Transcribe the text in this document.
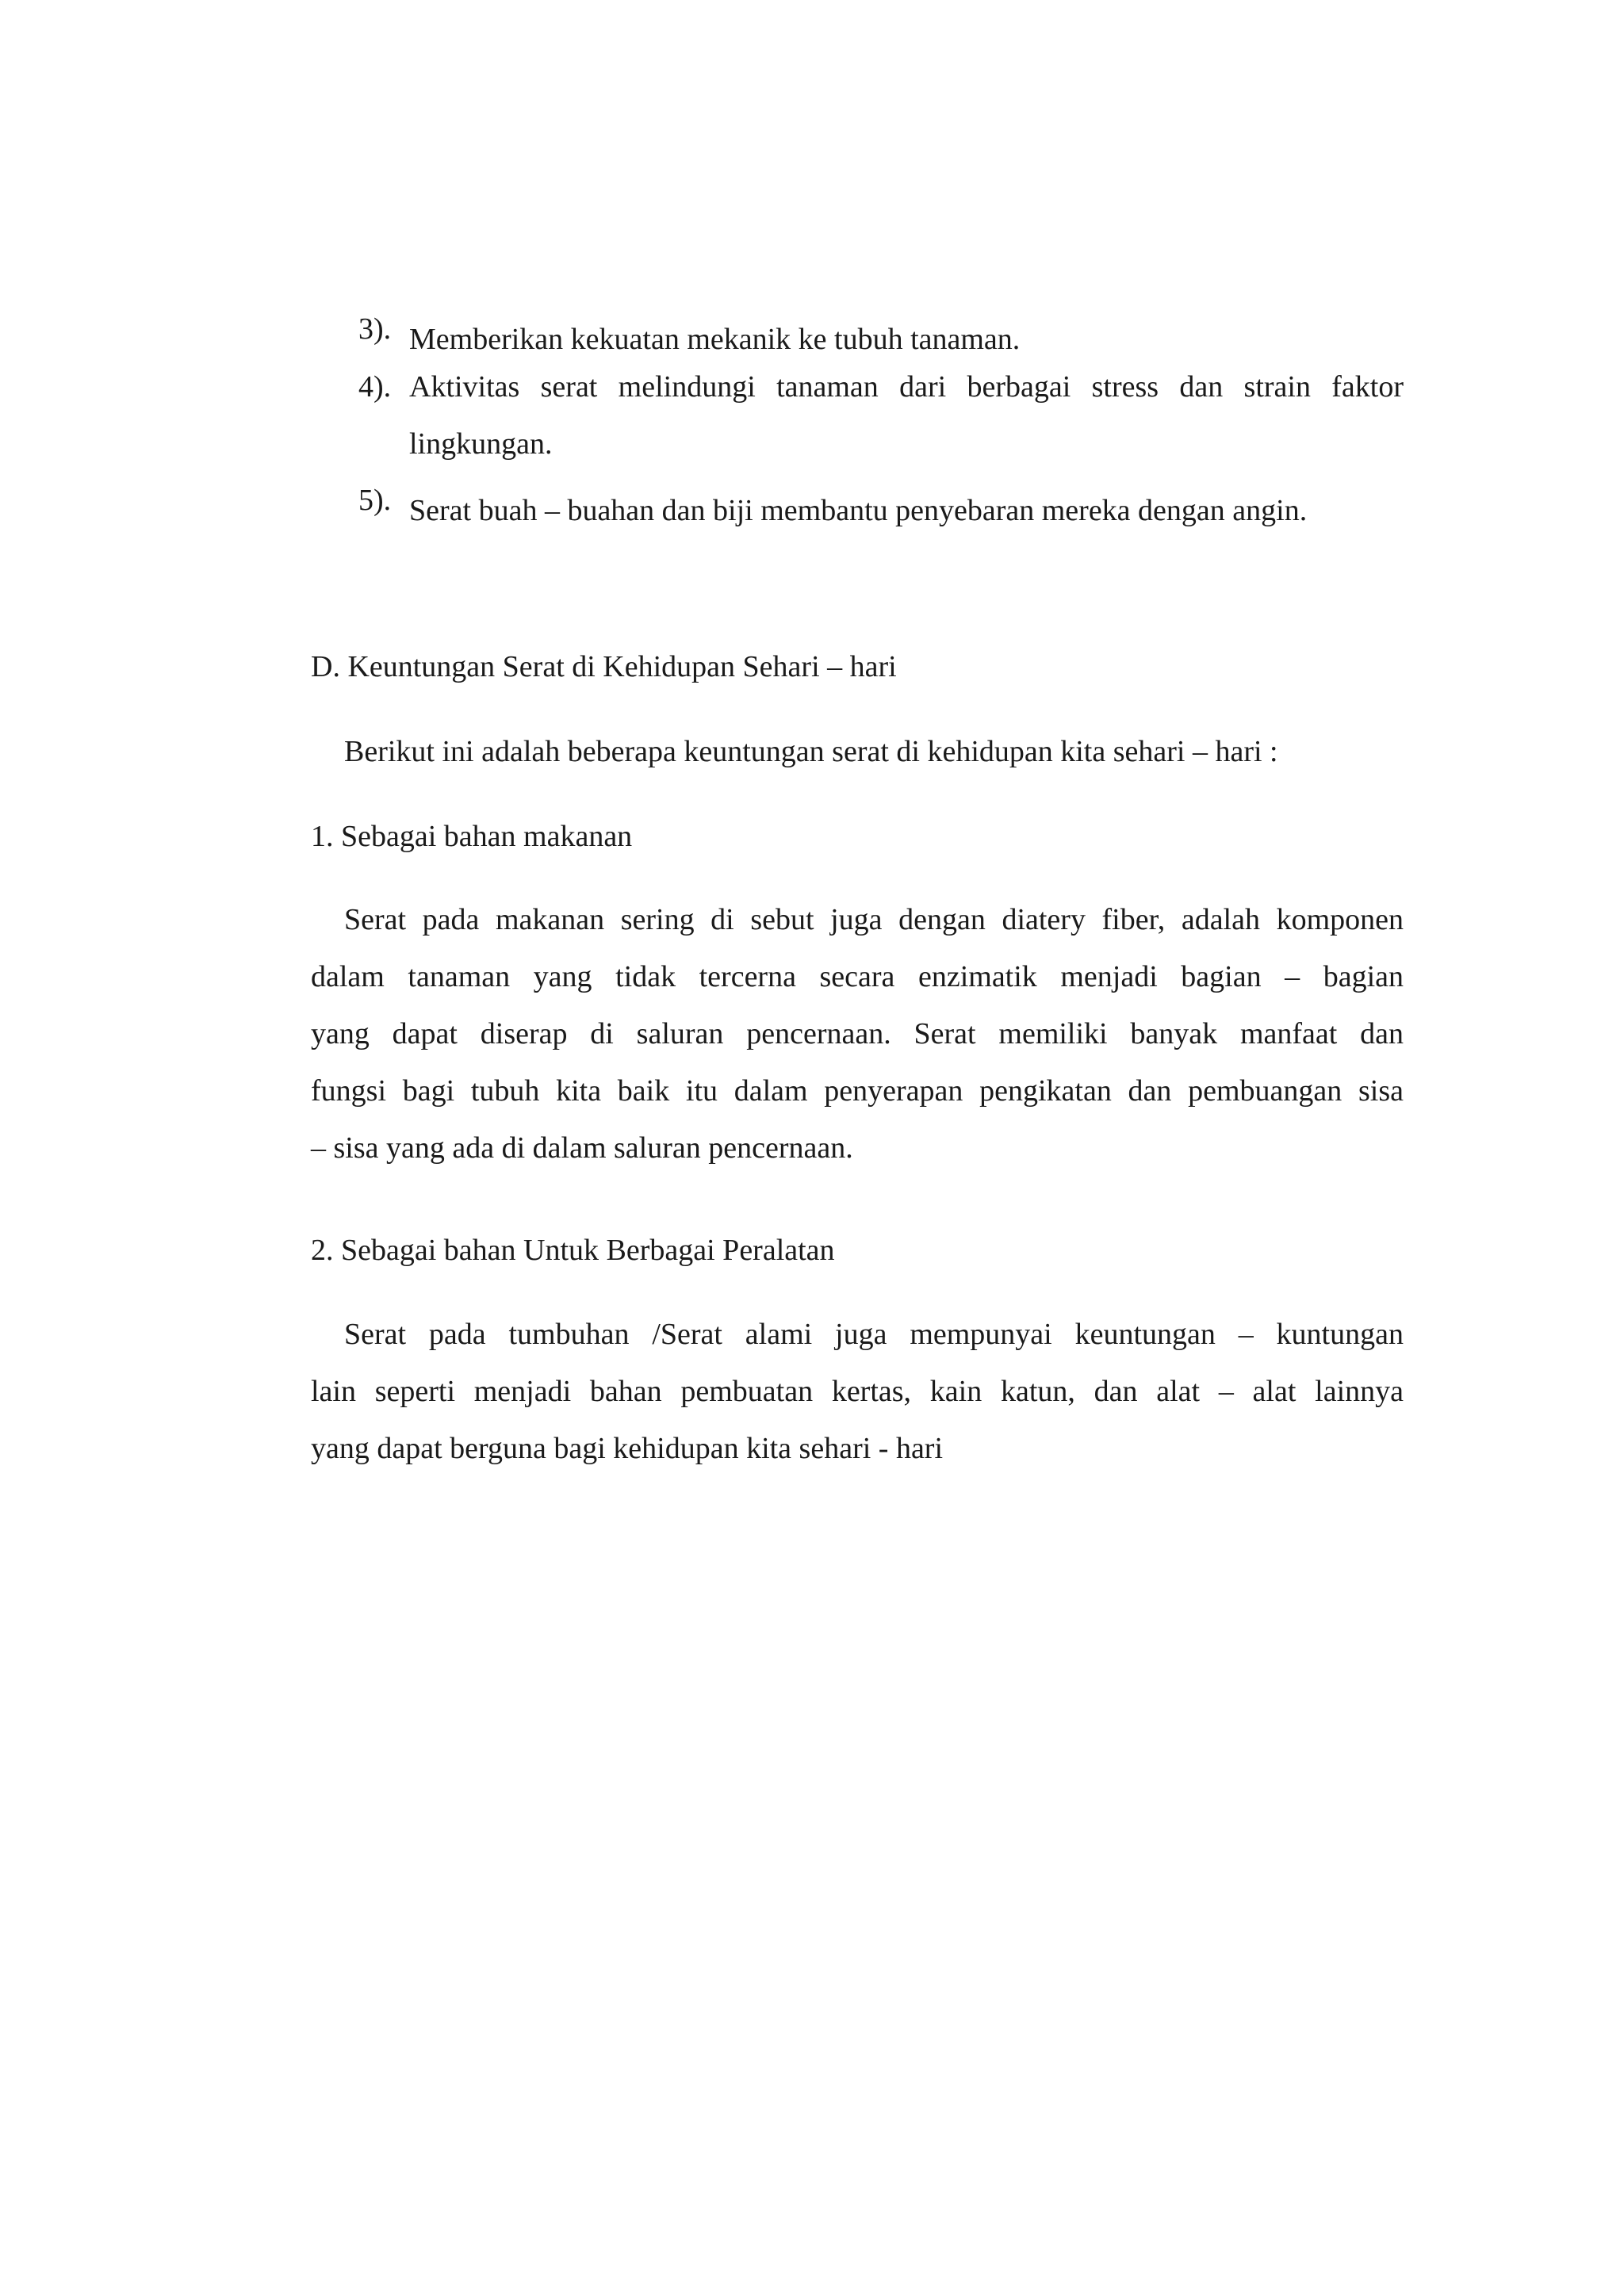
3). Memberikan kekuatan mekanik ke tubuh tanaman.
4). Aktivitas serat melindungi tanaman dari berbagai stress dan strain faktor
lingkungan.
5). Serat buah – buahan dan biji membantu penyebaran mereka dengan angin.
D. Keuntungan Serat di Kehidupan Sehari – hari
Berikut ini adalah beberapa keuntungan serat di kehidupan kita sehari – hari :
1. Sebagai bahan makanan
Serat pada makanan sering di sebut juga dengan diatery fiber, adalah komponen
dalam tanaman yang tidak tercerna secara enzimatik menjadi bagian – bagian
yang dapat diserap di saluran pencernaan. Serat memiliki banyak manfaat dan
fungsi bagi tubuh kita baik itu dalam penyerapan pengikatan dan pembuangan sisa
– sisa yang ada di dalam saluran pencernaan.
2. Sebagai bahan Untuk Berbagai Peralatan
Serat pada tumbuhan /Serat alami juga mempunyai keuntungan – kuntungan
lain seperti menjadi bahan pembuatan kertas, kain katun, dan alat – alat lainnya
yang dapat berguna bagi kehidupan kita sehari - hari
